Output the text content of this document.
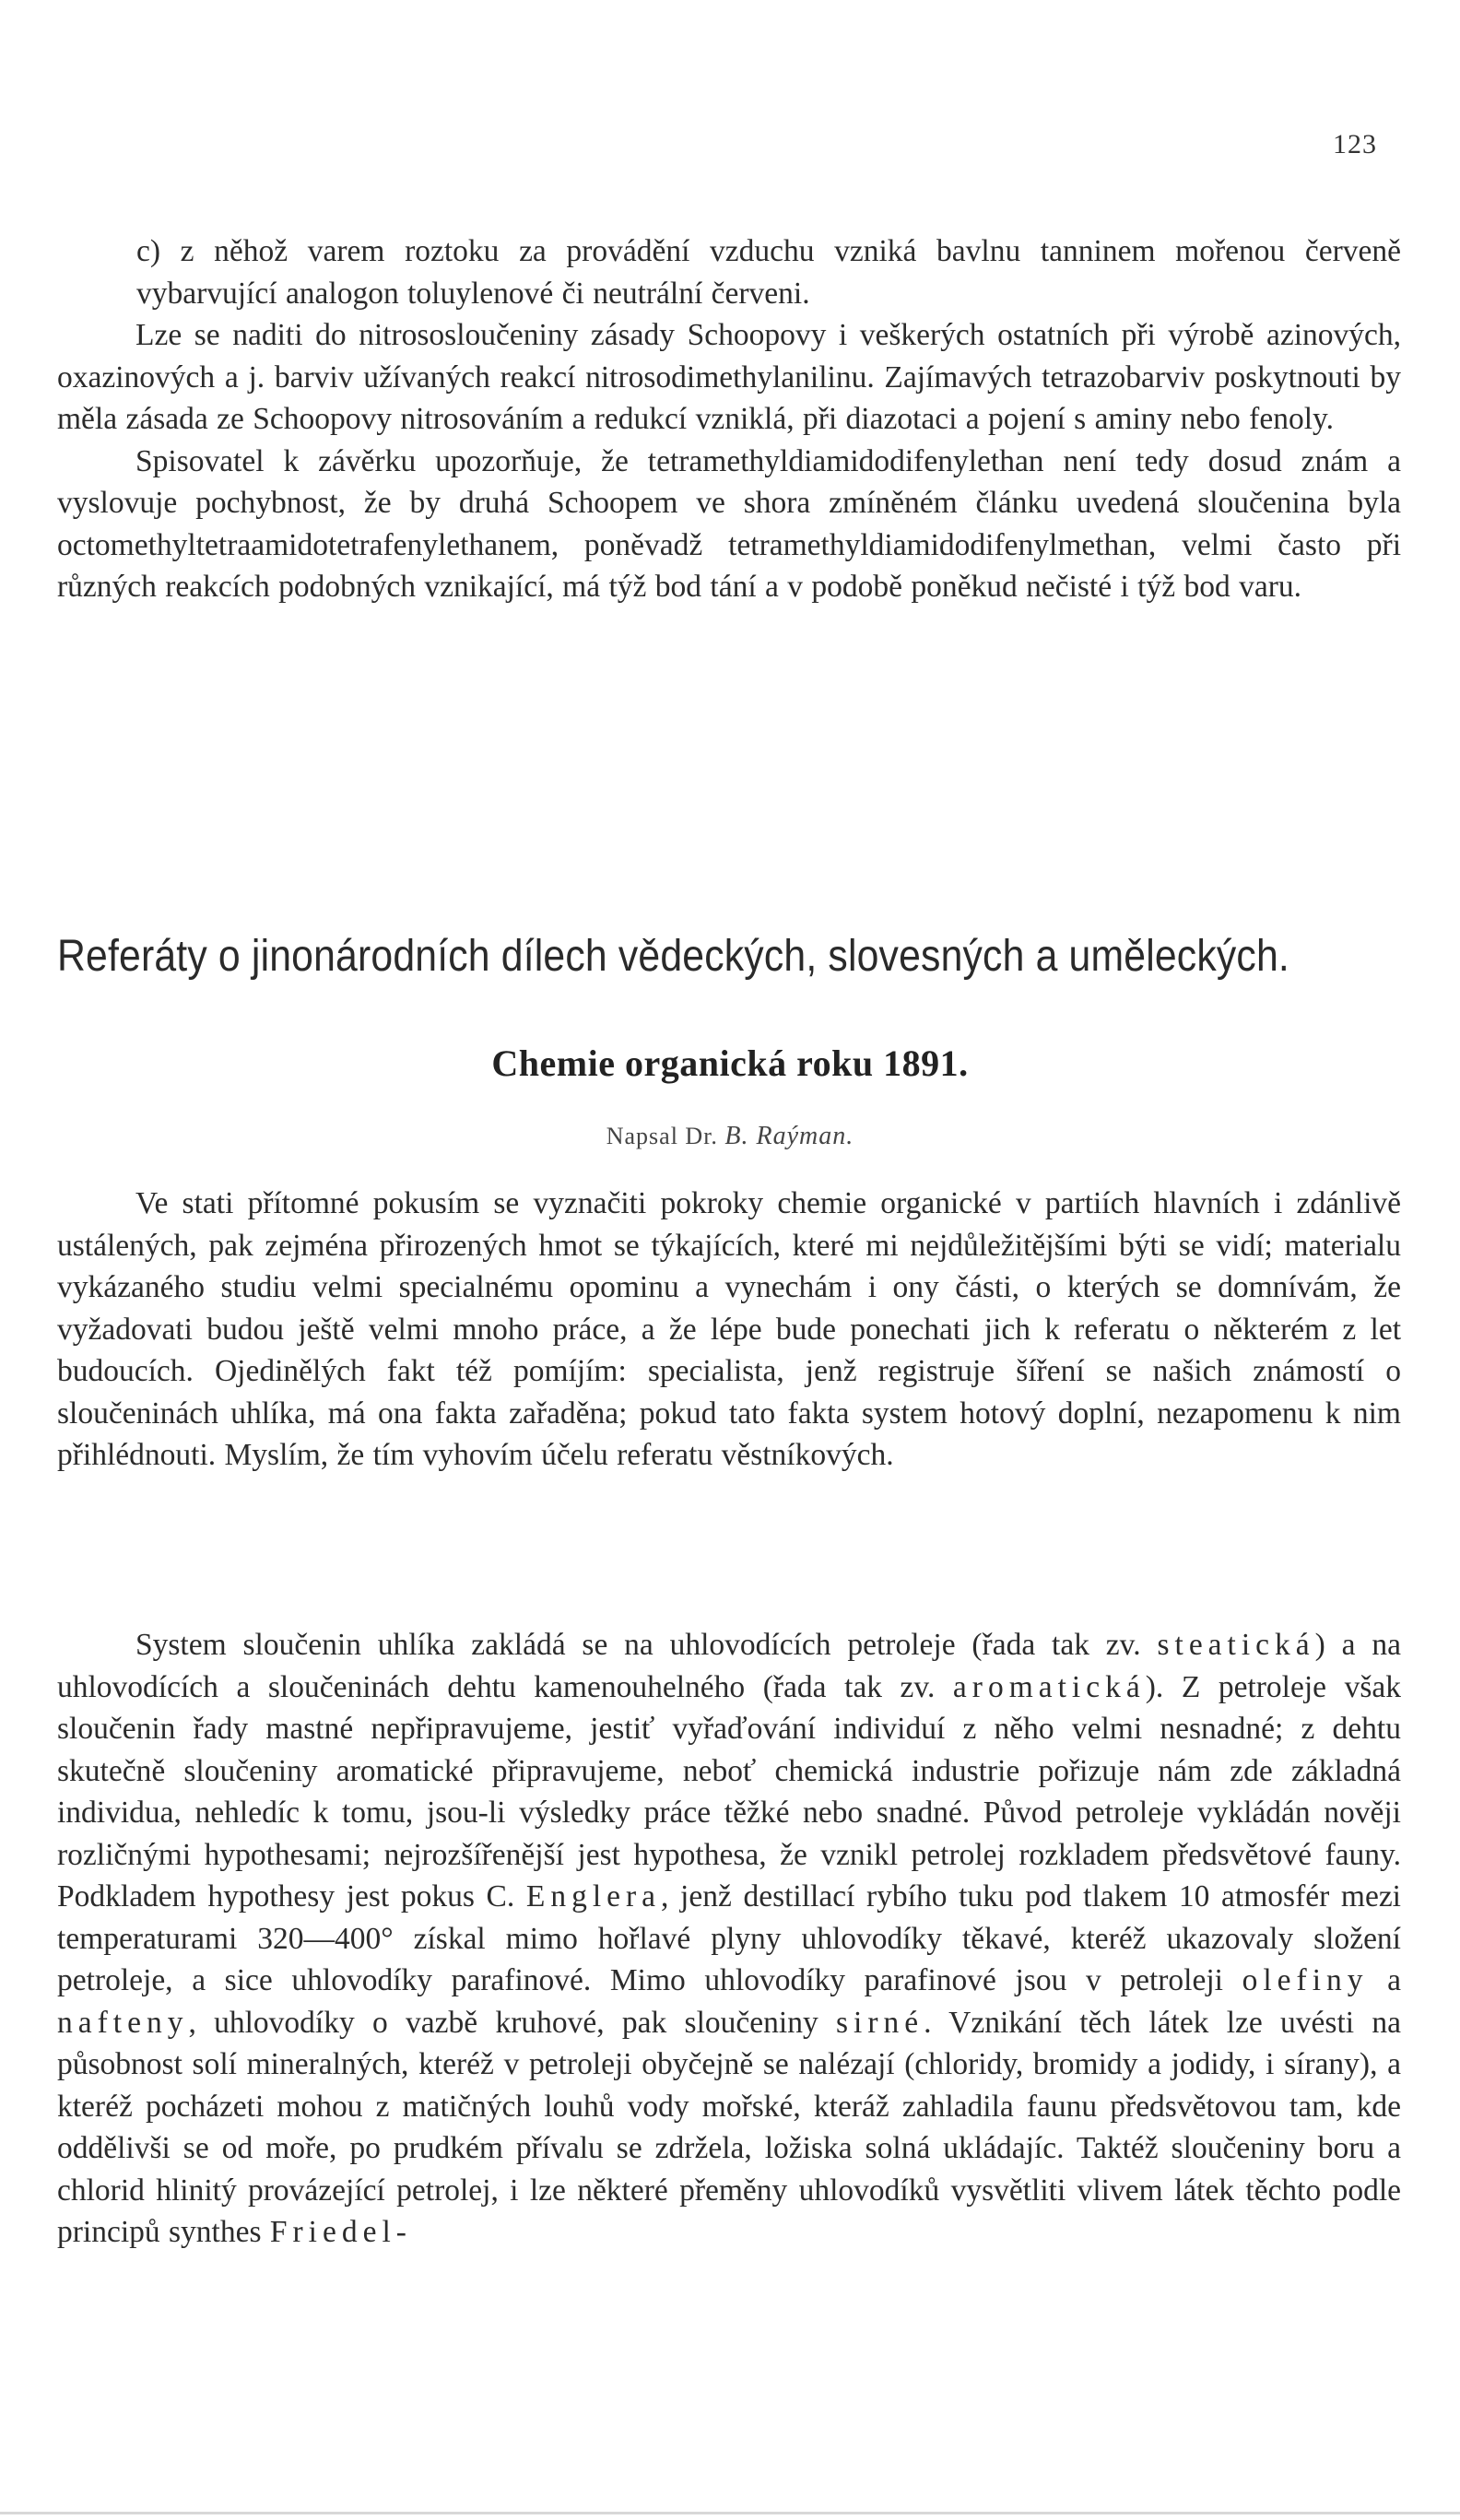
123

c) z něhož varem roztoku za provádění vzduchu vzniká bavlnu tanninem mořenou červeně vybarvující analogon toluylenové či neutrální červeni.

Lze se naditi do nitrososloučeniny zásady Schoopovy i veškerých ostatních při výrobě azinových, oxazinových a j. barviv užívaných reakcí nitrosodimethylanilinu. Zajímavých tetrazobarviv poskytnouti by měla zásada ze Schoopovy nitrosováním a redukcí vzniklá, při diazotaci a pojení s aminy nebo fenoly.

Spisovatel k závěrku upozorňuje, že tetramethyldiamidodifenylethan není tedy dosud znám a vyslovuje pochybnost, že by druhá Schoopem ve shora zmíněném článku uvedená sloučenina byla octomethyltetraamidotetrafenylethanem, poněvadž tetramethyldiamidodifenylmethan, velmi často při různých reakcích podobných vznikající, má týž bod tání a v podobě poněkud nečisté i týž bod varu.

Referáty o jinonárodních dílech vědeckých, slovesných a uměleckých.
Chemie organická roku 1891.
Napsal Dr. B. Raýman.

Ve stati přítomné pokusím se vyznačiti pokroky chemie organické v partiích hlavních i zdánlivě ustálených, pak zejména přirozených hmot se týkajících, které mi nejdůležitějšími býti se vidí; materialu vykázaného studiu velmi specialnému opominu a vynechám i ony části, o kterých se domnívám, že vyžadovati budou ještě velmi mnoho práce, a že lépe bude ponechati jich k referatu o některém z let budoucích. Ojedinělých fakt též pomíjím: specialista, jenž registruje šíření se našich známostí o sloučeninách uhlíka, má ona fakta zařaděna; pokud tato fakta system hotový doplní, nezapomenu k nim přihlédnouti. Myslím, že tím vyhovím účelu referatu věstníkových.

System sloučenin uhlíka zakládá se na uhlovodících petroleje (řada tak zv. steatická) a na uhlovodících a sloučeninách dehtu kamenouhelného (řada tak zv. aromatická). Z petroleje však sloučenin řady mastné nepřipravujeme, jestiť vyřaďování individuí z něho velmi nesnadné; z dehtu skutečně sloučeniny aromatické připravujeme, neboť chemická industrie pořizuje nám zde základná individua, nehledíc k tomu, jsou-li výsledky práce těžké nebo snadné. Původ petroleje vykládán nověji rozličnými hypothesami; nejrozšířenější jest hypothesa, že vznikl petrolej rozkladem předsvětové fauny. Podkladem hypothesy jest pokus C. Englera, jenž destillací rybího tuku pod tlakem 10 atmosfér mezi temperaturami 320—400° získal mimo hořlavé plyny uhlovodíky těkavé, kteréž ukazovaly složení petroleje, a sice uhlovodíky parafinové. Mimo uhlovodíky parafinové jsou v petroleji olefiny a nafteny, uhlovodíky o vazbě kruhové, pak sloučeniny sirné. Vznikání těch látek lze uvésti na působnost solí mineralných, kteréž v petroleji obyčejně se nalézají (chloridy, bromidy a jodidy, i sírany), a kteréž pocházeti mohou z matičných louhů vody mořské, kteráž zahladila faunu předsvětovou tam, kde oddělivši se od moře, po prudkém přívalu se zdržela, ložiska solná ukládajíc. Taktéž sloučeniny boru a chlorid hlinitý provázející petrolej, i lze některé přeměny uhlovodíků vysvětliti vlivem látek těchto podle principů synthes Friedel-
